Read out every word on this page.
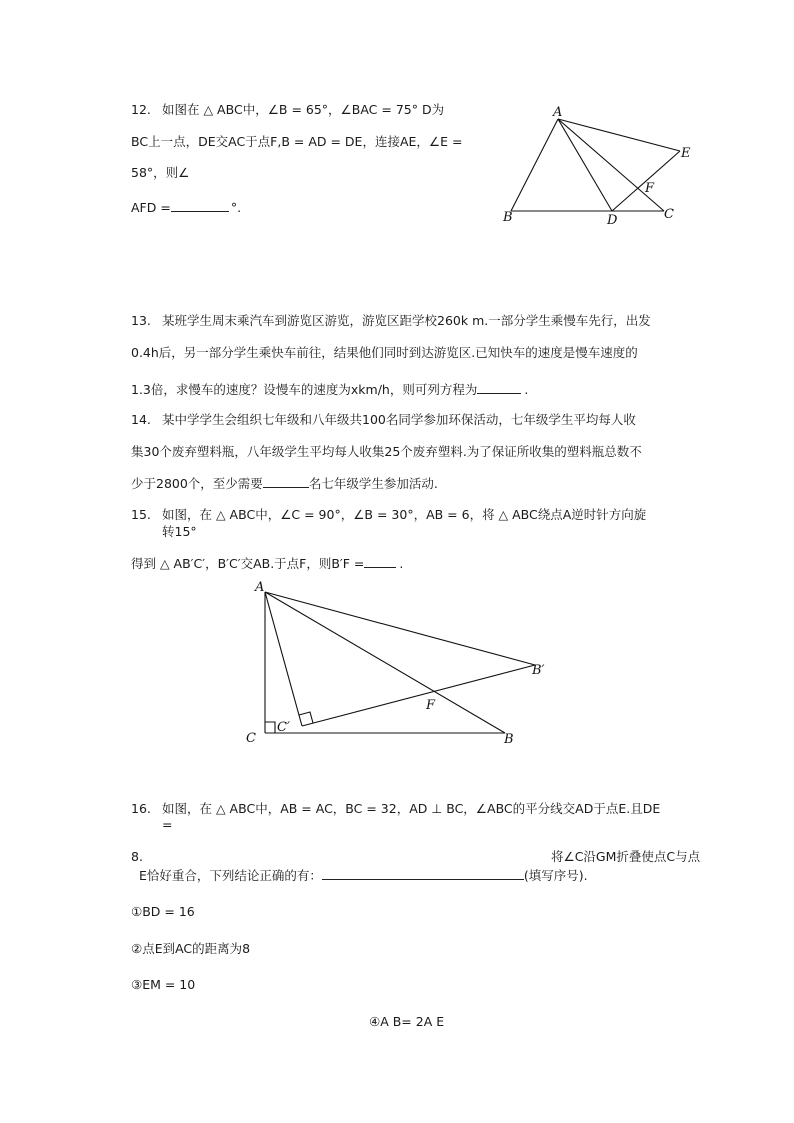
12. 如图在 △ ABC中，∠B = 65°，∠BAC = 75° D为
BC上一点，DE交AC于点F,B = AD = DE，连接AE，∠E =
58°，则∠
AFD =	°.
A
B	C
D
E
F
13. 某班学生周末乘汽车到游览区游览，游览区距学校260k m.一部分学生乘慢车先行，出发
0.4h后，另一部分学生乘快车前往，结果他们同时到达游览区.已知快车的速度是慢车速度的
1.3倍，求慢车的速度？设慢车的速度为xkm/h，则可列方程为	.
14. 某中学学生会组织七年级和八年级共100名同学参加环保活动，七年级学生平均每人收
集30个废弃塑料瓶，八年级学生平均每人收集25个废弃塑料.为了保证所收集的塑料瓶总数不
少于2800个，至少需要	名七年级学生参加活动.
15. 如图，在 △ ABC中，∠C = 90°，∠B = 30°，AB = 6，将 △ ABC绕点A逆时针方向旋
转15°
得到 △ AB′C′，B′C′交AB.于点F，则B′F =	.
A
C	B
B′
C′
F
16. 如图，在 △ ABC中，AB = AC，BC = 32，AD ⊥ BC，∠ABC的平分线交AD于点E.且DE
=
8.	将∠C沿GM折叠使点C与点
E恰好重合，下列结论正确的有：	(填写序号).
①BD = 16
②点E到AC的距离为8
③EM = 10
④A B= 2A E
